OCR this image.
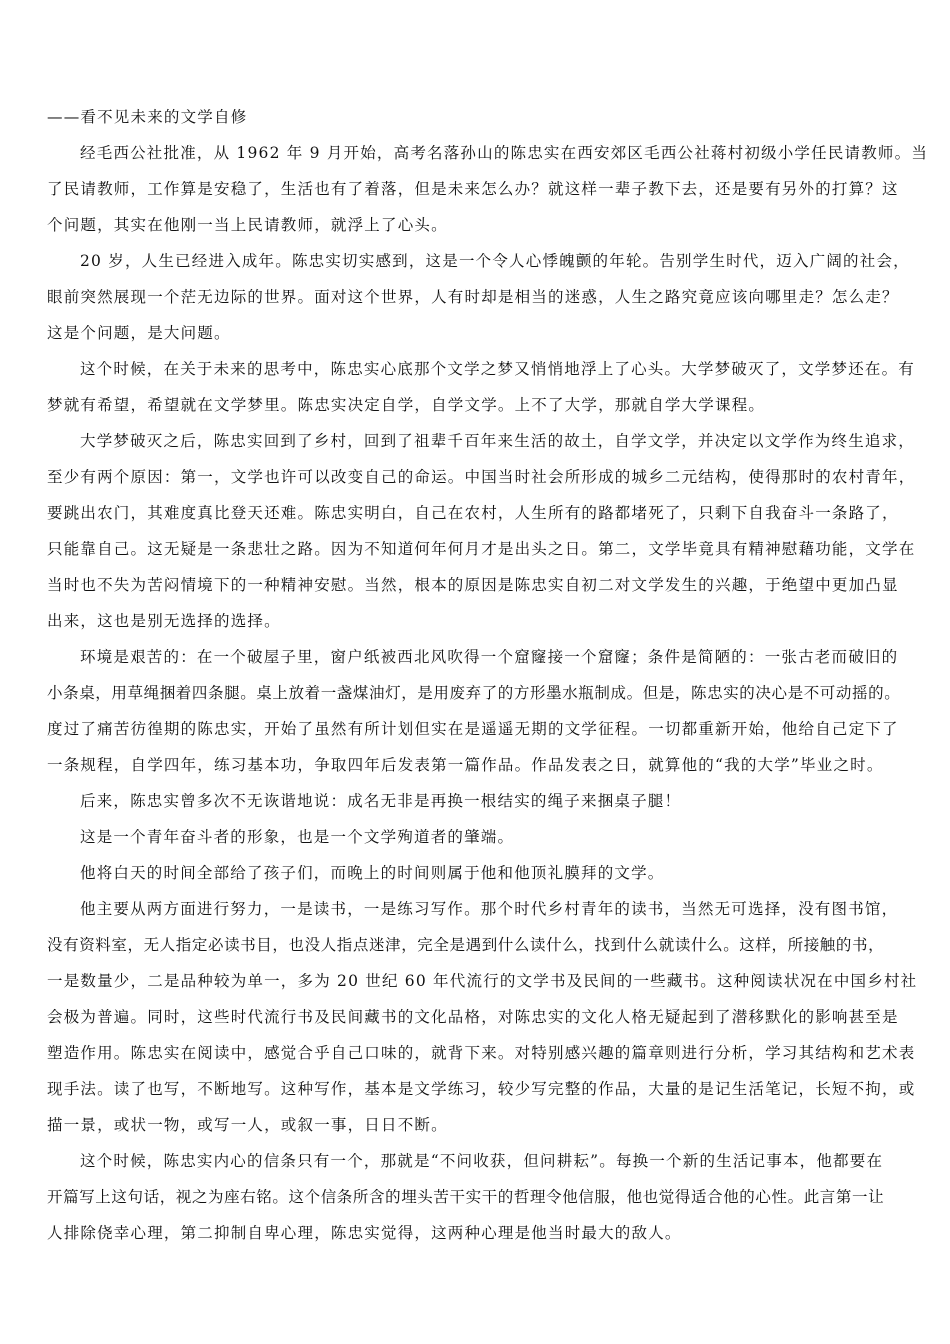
——看不见未来的文学自修
经毛西公社批准，从 1962 年 9 月开始，高考名落孙山的陈忠实在西安郊区毛西公社蒋村初级小学任民请教师。当
了民请教师，工作算是安稳了，生活也有了着落，但是未来怎么办？就这样一辈子教下去，还是要有另外的打算？这
个问题，其实在他刚一当上民请教师，就浮上了心头。
20 岁，人生已经进入成年。陈忠实切实感到，这是一个令人心悸魄颤的年轮。告别学生时代，迈入广阔的社会，
眼前突然展现一个茫无边际的世界。面对这个世界，人有时却是相当的迷惑，人生之路究竟应该向哪里走？怎么走？
这是个问题，是大问题。
这个时候，在关于未来的思考中，陈忠实心底那个文学之梦又悄悄地浮上了心头。大学梦破灭了，文学梦还在。有
梦就有希望，希望就在文学梦里。陈忠实决定自学，自学文学。上不了大学，那就自学大学课程。
大学梦破灭之后，陈忠实回到了乡村，回到了祖辈千百年来生活的故土，自学文学，并决定以文学作为终生追求，
至少有两个原因：第一，文学也许可以改变自己的命运。中国当时社会所形成的城乡二元结构，使得那时的农村青年，
要跳出农门，其难度真比登天还难。陈忠实明白，自己在农村，人生所有的路都堵死了，只剩下自我奋斗一条路了，
只能靠自己。这无疑是一条悲壮之路。因为不知道何年何月才是出头之日。第二，文学毕竟具有精神慰藉功能，文学在
当时也不失为苦闷情境下的一种精神安慰。当然，根本的原因是陈忠实自初二对文学发生的兴趣，于绝望中更加凸显
出来，这也是别无选择的选择。
环境是艰苦的：在一个破屋子里，窗户纸被西北风吹得一个窟窿接一个窟窿；条件是简陋的：一张古老而破旧的
小条桌，用草绳捆着四条腿。桌上放着一盏煤油灯，是用废弃了的方形墨水瓶制成。但是，陈忠实的决心是不可动摇的。
度过了痛苦彷徨期的陈忠实，开始了虽然有所计划但实在是遥遥无期的文学征程。一切都重新开始，他给自己定下了
一条规程，自学四年，练习基本功，争取四年后发表第一篇作品。作品发表之日，就算他的“我的大学”毕业之时。
后来，陈忠实曾多次不无诙谐地说：成名无非是再换一根结实的绳子来捆桌子腿！
这是一个青年奋斗者的形象，也是一个文学殉道者的肇端。
他将白天的时间全部给了孩子们，而晚上的时间则属于他和他顶礼膜拜的文学。
他主要从两方面进行努力，一是读书，一是练习写作。那个时代乡村青年的读书，当然无可选择，没有图书馆，
没有资料室，无人指定必读书目，也没人指点迷津，完全是遇到什么读什么，找到什么就读什么。这样，所接触的书，
一是数量少，二是品种较为单一，多为 20 世纪 60 年代流行的文学书及民间的一些藏书。这种阅读状况在中国乡村社
会极为普遍。同时，这些时代流行书及民间藏书的文化品格，对陈忠实的文化人格无疑起到了潜移默化的影响甚至是
塑造作用。陈忠实在阅读中，感觉合乎自己口味的，就背下来。对特别感兴趣的篇章则进行分析，学习其结构和艺术表
现手法。读了也写，不断地写。这种写作，基本是文学练习，较少写完整的作品，大量的是记生活笔记，长短不拘，或
描一景，或状一物，或写一人，或叙一事，日日不断。
这个时候，陈忠实内心的信条只有一个，那就是“不问收获，但问耕耘”。每换一个新的生活记事本，他都要在
开篇写上这句话，视之为座右铭。这个信条所含的埋头苦干实干的哲理令他信服，他也觉得适合他的心性。此言第一让
人排除侥幸心理，第二抑制自卑心理，陈忠实觉得，这两种心理是他当时最大的敌人。
